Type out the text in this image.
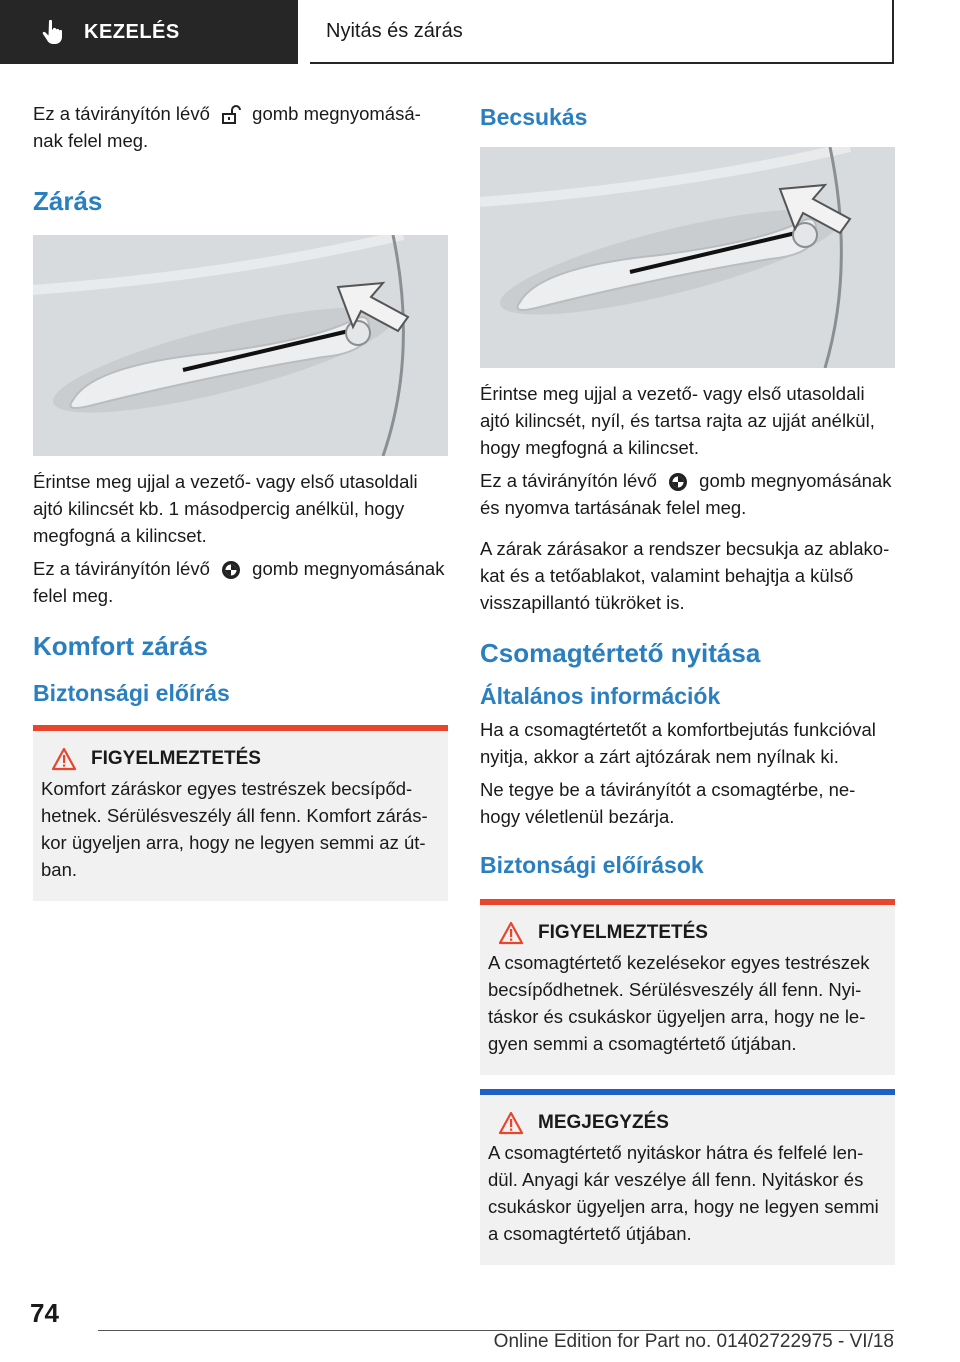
KEZELÉS	Nyitás és zárás

Ez a távirányítón lévő gomb megnyomásá-nak felel meg.

Zárás

Érintse meg ujjal a vezető- vagy első utasoldali ajtó kilincsét kb. 1 másodpercig anélkül, hogy megfogná a kilincset.

Ez a távirányítón lévő gomb megnyomásának felel meg.

Komfort zárás
Biztonsági előírás
FIGYELMEZTETÉS

Komfort záráskor egyes testrészek becsípőd-hetnek. Sérülésveszély áll fenn. Komfort zárás-kor ügyeljen arra, hogy ne legyen semmi az út-ban.

Becsukás

Érintse meg ujjal a vezető- vagy első utasoldali ajtó kilincsét, nyíl, és tartsa rajta az ujját anélkül, hogy megfogná a kilincset.

Ez a távirányítón lévő gomb megnyomásának és nyomva tartásának felel meg.

A zárak zárásakor a rendszer becsukja az ablako-kat és a tetőablakot, valamint behajtja a külső visszapillantó tükröket is.

Csomagtértető nyitása
Általános információk

Ha a csomagtértetőt a komfortbejutás funkcióval nyitja, akkor a zárt ajtózárak nem nyílnak ki.

Ne tegye be a távirányítót a csomagtérbe, ne-hogy véletlenül bezárja.

Biztonsági előírások
FIGYELMEZTETÉS

A csomagtértető kezelésekor egyes testrészek becsípődhetnek. Sérülésveszély áll fenn. Nyi-táskor és csukáskor ügyeljen arra, hogy ne le-gyen semmi a csomagtértető útjában.

MEGJEGYZÉS

A csomagtértető nyitáskor hátra és felfelé len-dül. Anyagi kár veszélye áll fenn. Nyitáskor és csukáskor ügyeljen arra, hogy ne legyen semmi a csomagtértető útjában.

74
Online Edition for Part no. 01402722975 - VI/18
